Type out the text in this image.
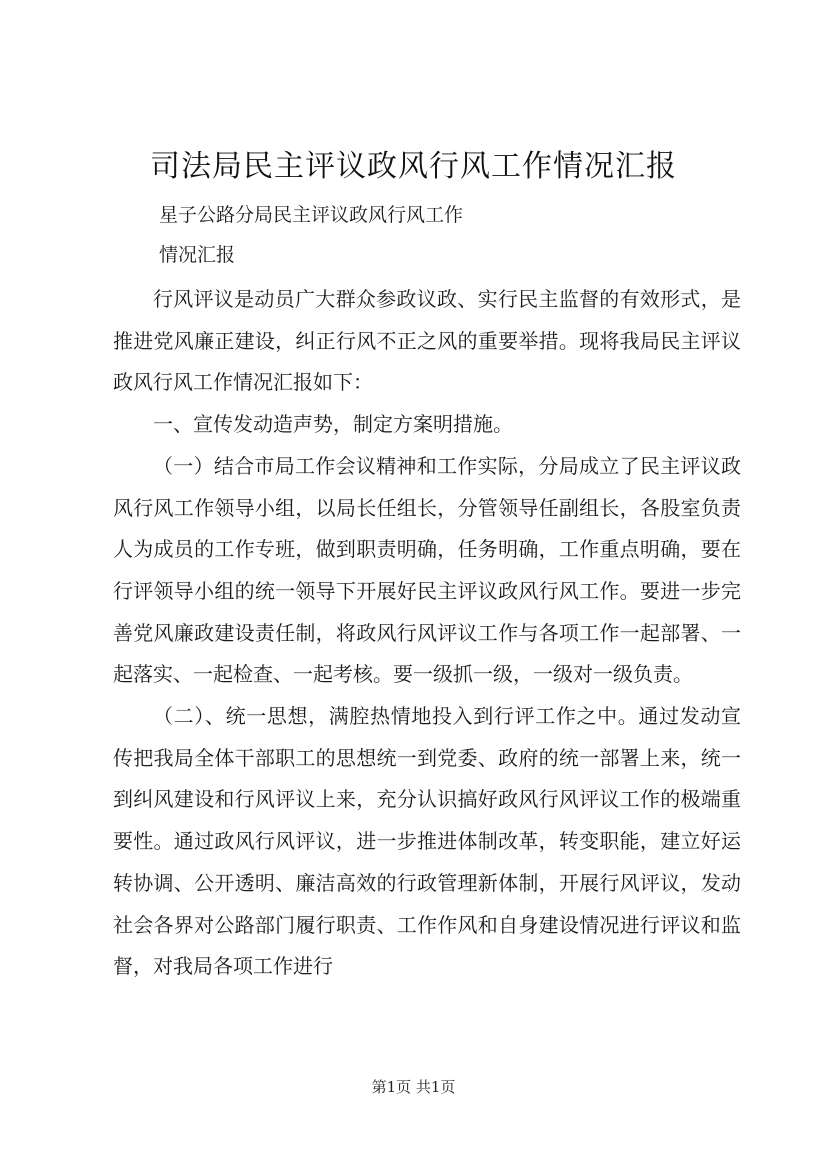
司法局民主评议政风行风工作情况汇报
星子公路分局民主评议政风行风工作
情况汇报

行风评议是动员广大群众参政议政、实行民主监督的有效形式，是推进党风廉正建设，纠正行风不正之风的重要举措。现将我局民主评议政风行风工作情况汇报如下：

一、宣传发动造声势，制定方案明措施。

（一）结合市局工作会议精神和工作实际，分局成立了民主评议政风行风工作领导小组，以局长任组长，分管领导任副组长，各股室负责人为成员的工作专班，做到职责明确，任务明确，工作重点明确，要在行评领导小组的统一领导下开展好民主评议政风行风工作。要进一步完善党风廉政建设责任制，将政风行风评议工作与各项工作一起部署、一起落实、一起检查、一起考核。要一级抓一级，一级对一级负责。

（二）、统一思想，满腔热情地投入到行评工作之中。通过发动宣传把我局全体干部职工的思想统一到党委、政府的统一部署上来，统一到纠风建设和行风评议上来，充分认识搞好政风行风评议工作的极端重要性。通过政风行风评议，进一步推进体制改革，转变职能，建立好运转协调、公开透明、廉洁高效的行政管理新体制，开展行风评议，发动社会各界对公路部门履行职责、工作作风和自身建设情况进行评议和监督，对我局各项工作进行

第1页 共1页
